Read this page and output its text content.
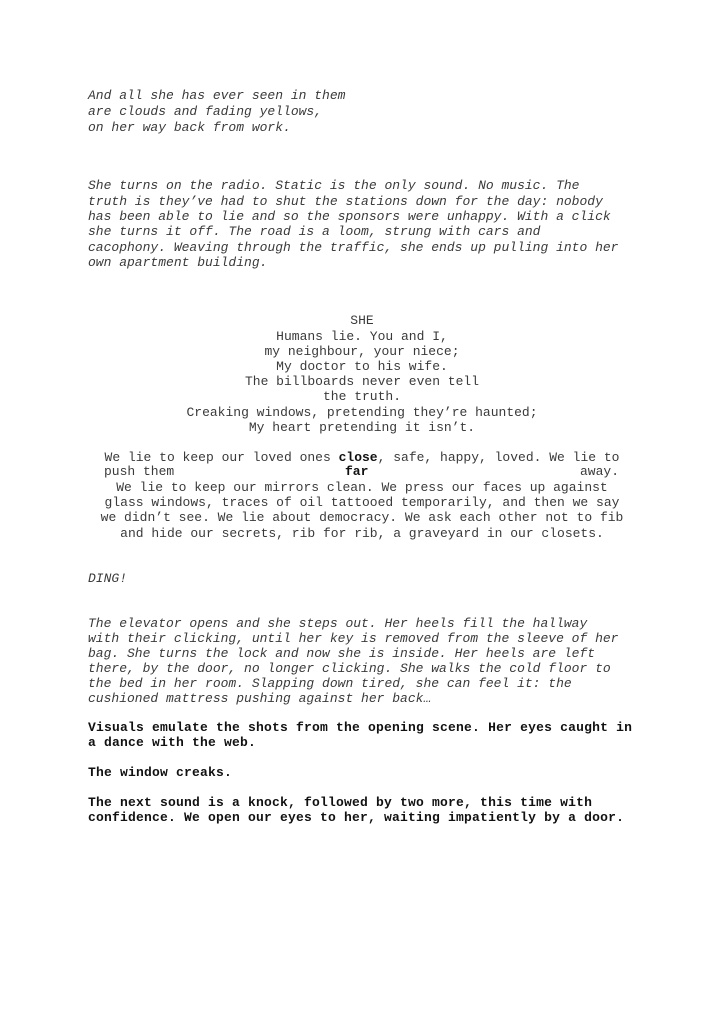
And all she has ever seen in them

are clouds and fading yellows,

on her way back from work.

She turns on the radio. Static is the only sound. No music. The

truth is they’ve had to shut the stations down for the day: nobody

has been able to lie and so the sponsors were unhappy. With a click

she turns it off. The road is a loom, strung with cars and

cacophony. Weaving through the traffic, she ends up pulling into her

own apartment building.

SHE

Humans lie. You and I,

my neighbour, your niece;

My doctor to his wife.

The billboards never even tell

the truth.

Creaking windows, pretending they’re haunted;

My heart pretending it isn’t.

We lie to keep our loved ones close, safe, happy, loved. We lie to

push them	far	away.

We lie to keep our mirrors clean. We press our faces up against

glass windows, traces of oil tattooed temporarily, and then we say

we didn’t see. We lie about democracy. We ask each other not to fib

and hide our secrets, rib for rib, a graveyard in our closets.

DING!

The elevator opens and she steps out. Her heels fill the hallway

with their clicking, until her key is removed from the sleeve of her

bag. She turns the lock and now she is inside. Her heels are left

there, by the door, no longer clicking. She walks the cold floor to

the bed in her room. Slapping down tired, she can feel it: the

cushioned mattress pushing against her back…

Visuals emulate the shots from the opening scene. Her eyes caught in

a dance with the web.

The window creaks.

The next sound is a knock, followed by two more, this time with

confidence. We open our eyes to her, waiting impatiently by a door.
